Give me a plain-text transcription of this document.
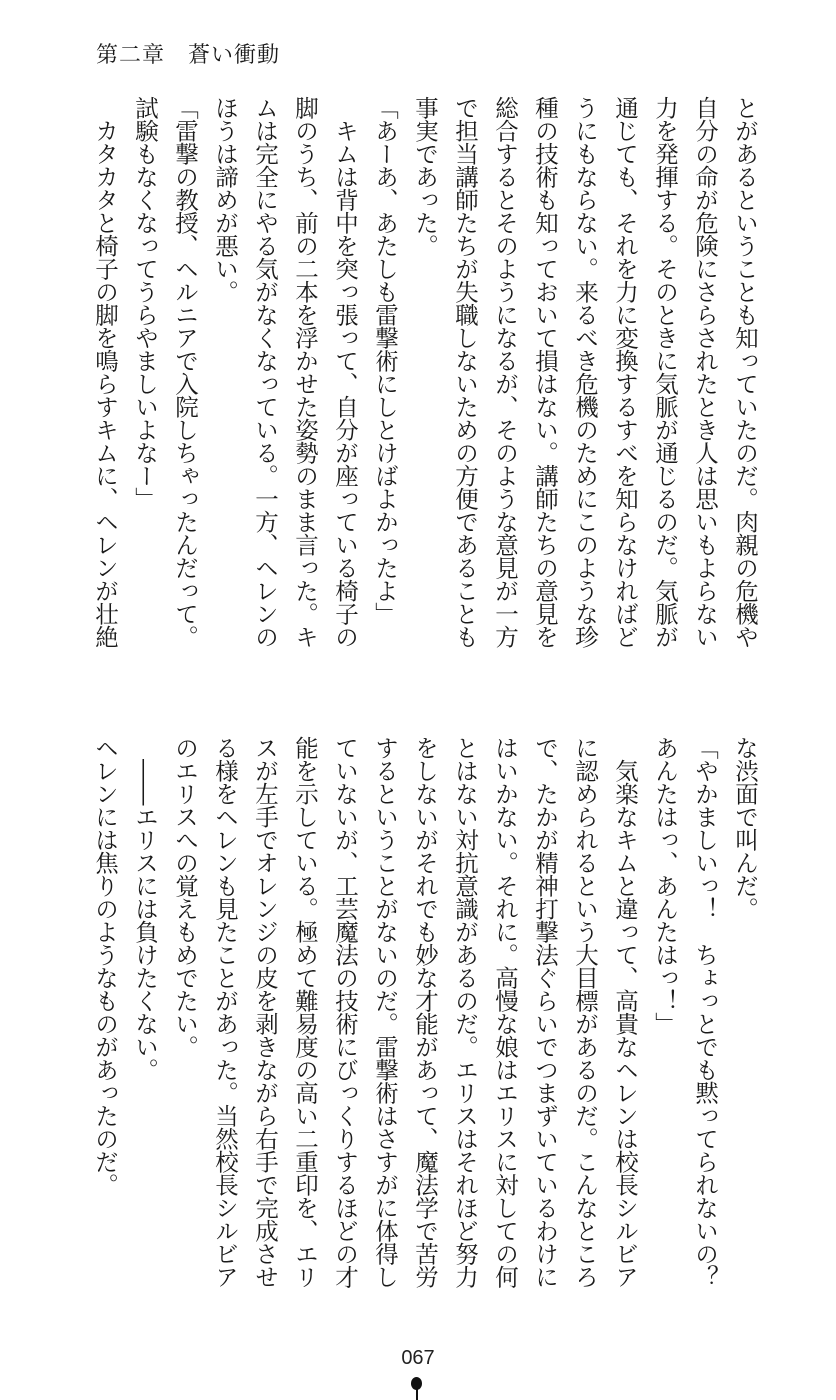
第二章　蒼い衝動
とがあるということも知っていたのだ。肉親の危機や
自分の命が危険にさらされたとき人は思いもよらない
力を発揮する。そのときに気脈が通じるのだ。気脈が
通じても、それを力に変換するすべを知らなければど
うにもならない。来るべき危機のためにこのような珍
種の技術も知っておいて損はない。講師たちの意見を
総合するとそのようになるが、そのような意見が一方
で担当講師たちが失職しないための方便であることも
事実であった。
「あーあ、あたしも雷撃術にしとけばよかったよ」
　キムは背中を突っ張って、自分が座っている椅子の
脚のうち、前の二本を浮かせた姿勢のまま言った。キ
ムは完全にやる気がなくなっている。一方、ヘレンの
ほうは諦めが悪い。
「雷撃の教授、ヘルニアで入院しちゃったんだって。
試験もなくなってうらやましいよなー」
　カタカタと椅子の脚を鳴らすキムに、ヘレンが壮絶
な渋面で叫んだ。
「やかましいっ！　ちょっとでも黙ってられないの？
あんたはっ、あんたはっ！」
　気楽なキムと違って、高貴なヘレンは校長シルビア
に認められるという大目標があるのだ。こんなところ
で、たかが精神打撃法ぐらいでつまずいているわけに
はいかない。それに。高慢な娘はエリスに対しての何
とはない対抗意識があるのだ。エリスはそれほど努力
をしないがそれでも妙な才能があって、魔法学で苦労
するということがないのだ。雷撃術はさすがに体得し
ていないが、工芸魔法の技術にびっくりするほどの才
能を示している。極めて難易度の高い二重印を、エリ
スが左手でオレンジの皮を剥きながら右手で完成させ
る様をヘレンも見たことがあった。当然校長シルビア
のエリスへの覚えもめでたい。
　――エリスには負けたくない。
ヘレンには焦りのようなものがあったのだ。
067
